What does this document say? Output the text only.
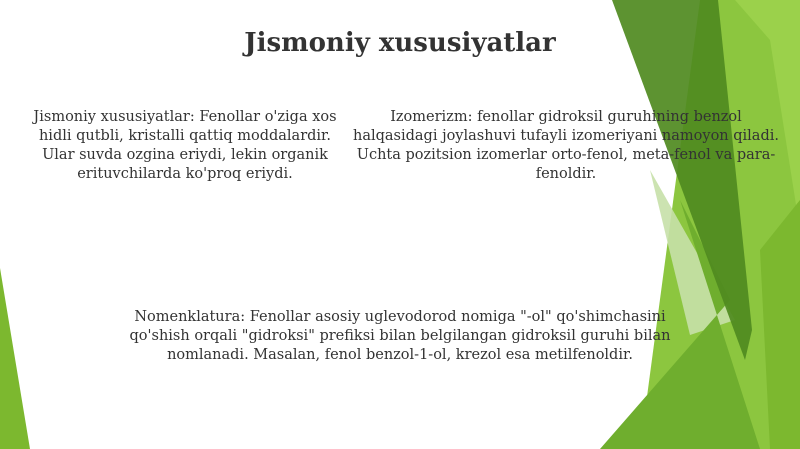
Jismoniy xususiyatlar

Jismoniy xususiyatlar: Fenollar o'ziga xos hidli qutbli, kristalli qattiq moddalardir. Ular suvda ozgina eriydi, lekin organik erituvchilarda ko'proq eriydi.

Izomerizm: fenollar gidroksil guruhining benzol halqasidagi joylashuvi tufayli izomeriyani namoyon qiladi. Uchta pozitsion izomerlar orto-fenol, meta-fenol va para-fenoldir.

Nomenklatura: Fenollar asosiy uglevodorod nomiga "-ol" qo'shimchasini qo'shish orqali "gidroksi" prefiksi bilan belgilangan gidroksil guruhi bilan nomlanadi. Masalan, fenol benzol-1-ol, krezol esa metilfenoldir.
